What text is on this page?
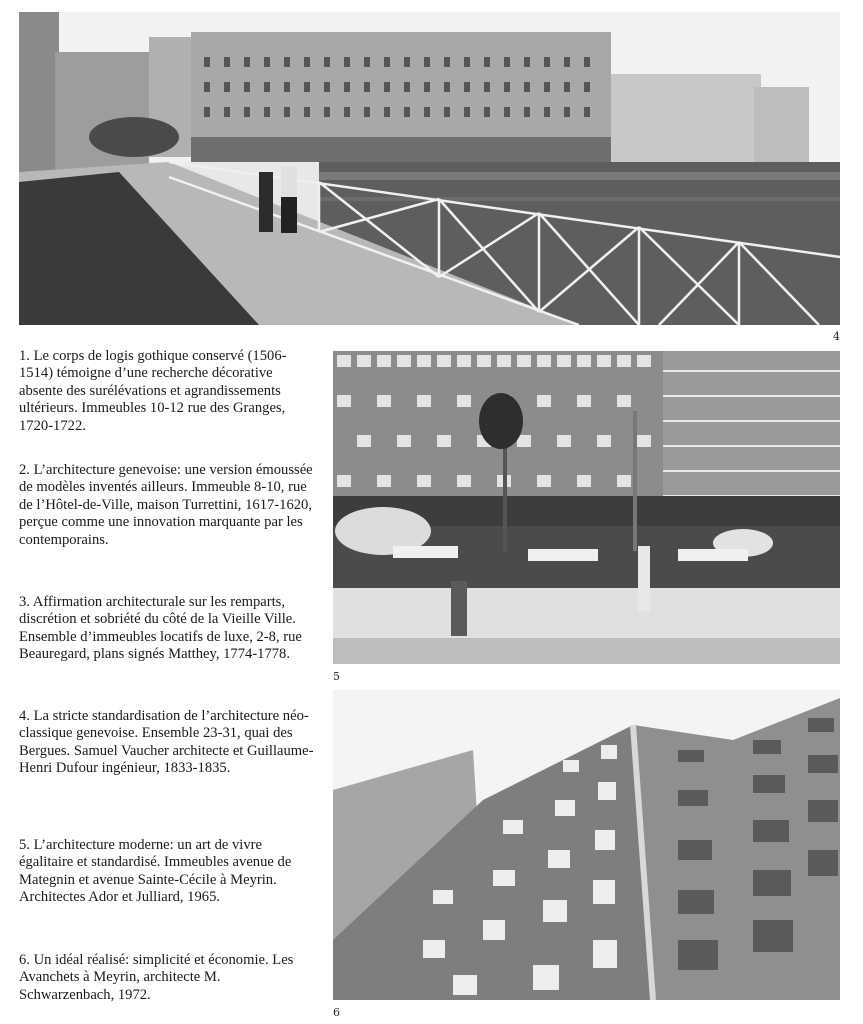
4

1. Le corps de logis gothique conservé (1506-1514) témoigne d’une recherche décorative absente des surélévations et agrandissements ultérieurs. Immeubles 10-12 rue des Granges, 1720-1722.

2. L’architecture genevoise: une version émoussée de modèles inventés ailleurs. Immeuble 8-10, rue de l’Hôtel-de-Ville, maison Turrettini, 1617-1620, perçue comme une innovation marquante par les contemporains.

3. Affirmation architecturale sur les remparts, discrétion et sobriété du côté de la Vieille Ville. Ensemble d’immeubles locatifs de luxe, 2-8, rue Beauregard, plans signés Matthey, 1774-1778.

4. La stricte standardisation de l’architecture néo-classique genevoise. Ensemble 23-31, quai des Bergues. Samuel Vaucher architecte et Guillaume-Henri Dufour ingénieur, 1833-1835.

5. L’architecture moderne: un art de vivre égalitaire et standardisé. Immeubles avenue de Mategnin et avenue Sainte-Cécile à Meyrin. Architectes Ador et Julliard, 1965.

6. Un idéal réalisé: simplicité et économie. Les Avanchets à Meyrin, architecte M. Schwarzenbach, 1972.

5
6
